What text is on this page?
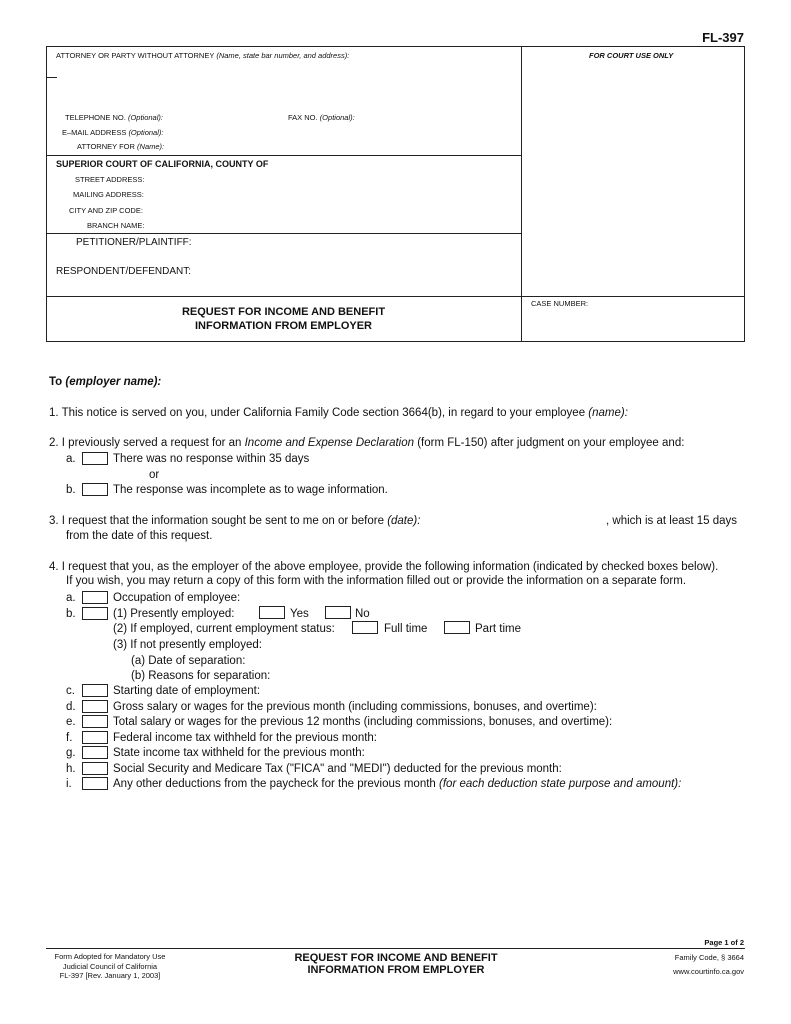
FL-397
ATTORNEY OR PARTY WITHOUT ATTORNEY (Name, state bar number, and address):	FOR COURT USE ONLY
TELEPHONE NO. (Optional):	FAX NO. (Optional):
E–MAIL ADDRESS (Optional):
ATTORNEY FOR (Name):
SUPERIOR COURT OF CALIFORNIA, COUNTY OF
STREET ADDRESS:
MAILING ADDRESS:
CITY AND ZIP CODE:
BRANCH NAME:
PETITIONER/PLAINTIFF:
RESPONDENT/DEFENDANT:
REQUEST FOR INCOME AND BENEFIT
INFORMATION FROM EMPLOYER
CASE NUMBER:
To (employer name):
1. This notice is served on you, under California Family Code section 3664(b), in regard to your employee (name):
2. I previously served a request for an Income and Expense Declaration (form FL-150) after judgment on your employee and:
a.	There was no response within 35 days
or
b.	The response was incomplete as to wage information.
3. I request that the information sought be sent to me on or before (date):	, which is at least 15 days
from the date of this request.
4. I request that you, as the employer of the above employee, provide the following information (indicated by checked boxes below).
If you wish, you may return a copy of this form with the information filled out or provide the information on a separate form.
a.	Occupation of employee:
b.	(1) Presently employed:	Yes	No
(2) If employed, current employment status:	Full time	Part time
(3) If not presently employed:
(a) Date of separation:
(b) Reasons for separation:
c.	Starting date of employment:
d.	Gross salary or wages for the previous month (including commissions, bonuses, and overtime):
e.	Total salary or wages for the previous 12 months (including commissions, bonuses, and overtime):
f.	Federal income tax withheld for the previous month:
g.	State income tax withheld for the previous month:
h.	Social Security and Medicare Tax ("FICA" and "MEDI") deducted for the previous month:
i.	Any other deductions from the paycheck for the previous month (for each deduction state purpose and amount):
Page 1 of 2
Form Adopted for Mandatory Use
Judicial Council of California
FL-397 [Rev. January 1, 2003]
REQUEST FOR INCOME AND BENEFIT
INFORMATION FROM EMPLOYER
Family Code, § 3664
www.courtinfo.ca.gov
